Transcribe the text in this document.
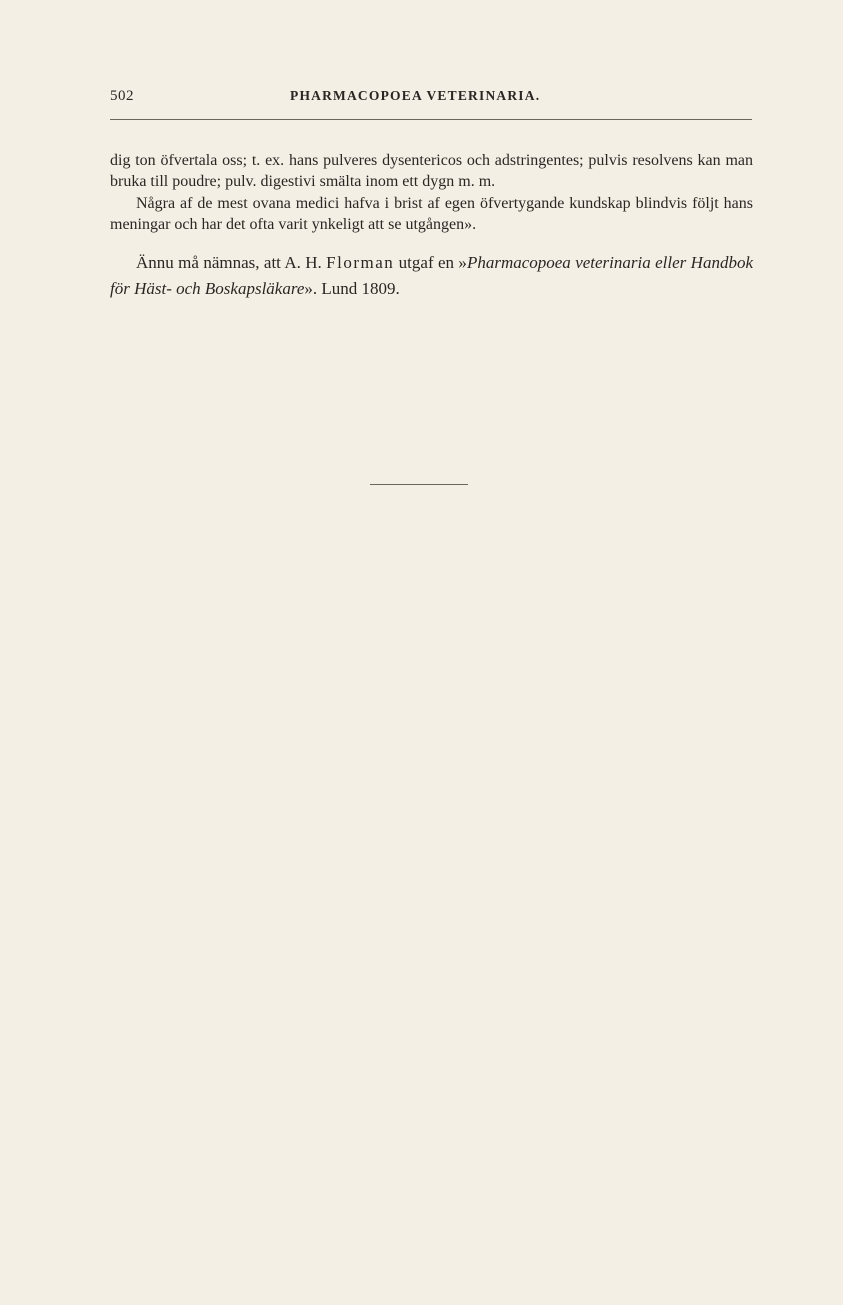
502	PHARMACOPOEA VETERINARIA.

dig ton öfvertala oss; t. ex. hans pulveres dysentericos och adstringentes; pulvis resolvens kan man bruka till poudre; pulv. digestivi smälta inom ett dygn m. m.

Några af de mest ovana medici hafva i brist af egen öfvertygande kundskap blindvis följt hans meningar och har det ofta varit ynkeligt att se utgången».

Ännu må nämnas, att A. H. Florman utgaf en »Pharmacopoea veterinaria eller Handbok för Häst- och Boskapsläkare». Lund 1809.
